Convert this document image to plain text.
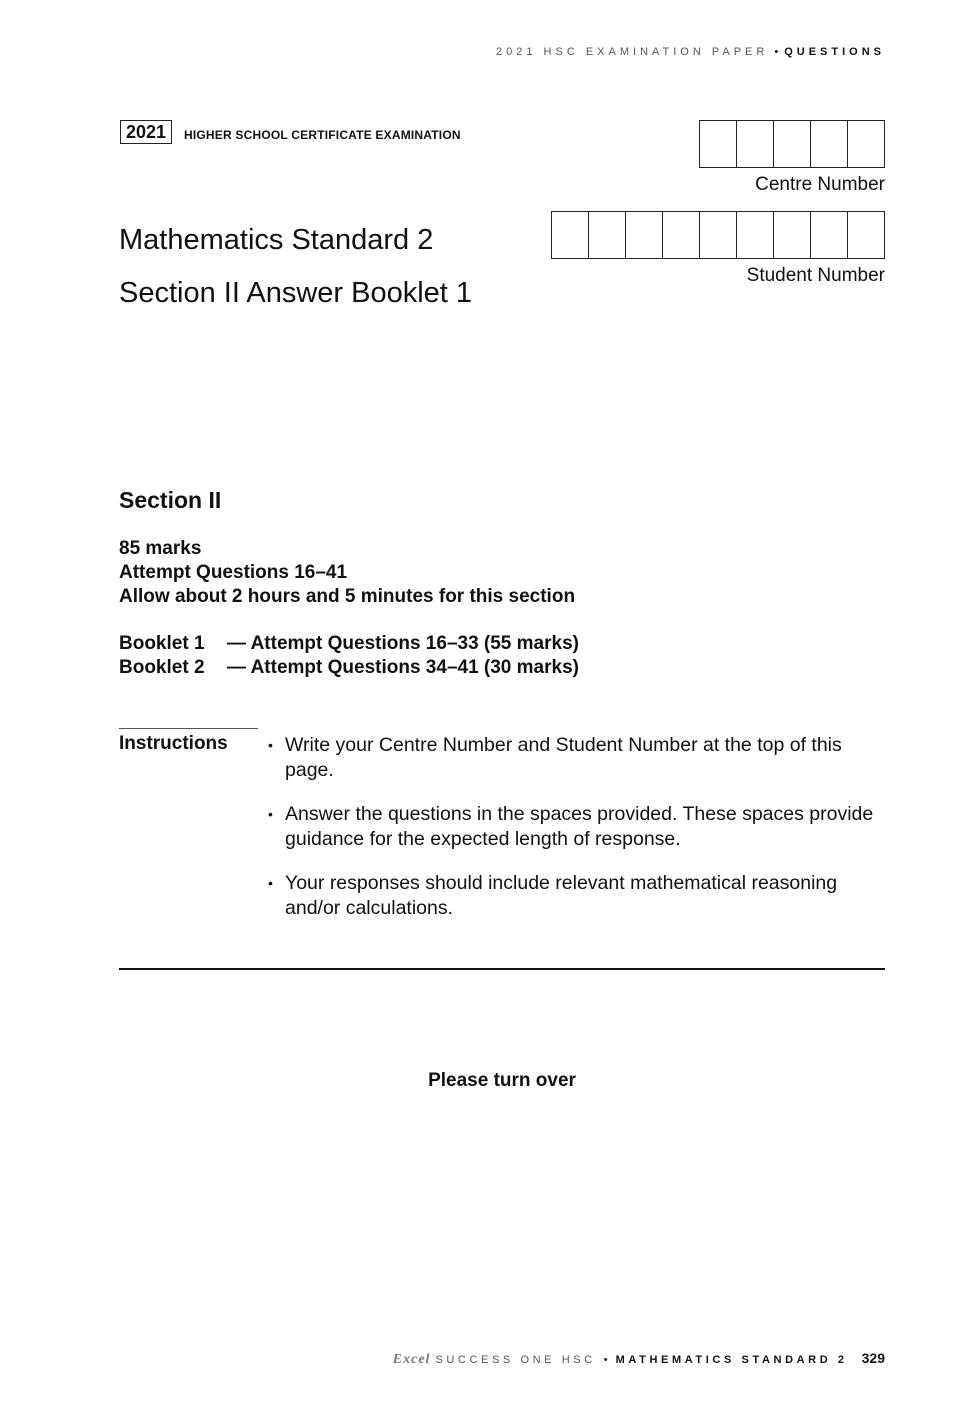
2021 HSC EXAMINATION PAPER • QUESTIONS
2021	HIGHER SCHOOL CERTIFICATE EXAMINATION
Centre Number
Student Number
Mathematics Standard 2
Section II Answer Booklet 1
Section II
85 marks
Attempt Questions 16–41
Allow about 2 hours and 5 minutes for this section
Booklet 1 — Attempt Questions 16–33 (55 marks)
Booklet 2 — Attempt Questions 34–41 (30 marks)
Instructions	• Write your Centre Number and Student Number at the top of this page.
• Answer the questions in the spaces provided. These spaces provide guidance for the expected length of response.
• Your responses should include relevant mathematical reasoning and/or calculations.
Please turn over
Excel SUCCESS ONE HSC • MATHEMATICS STANDARD 2 329
